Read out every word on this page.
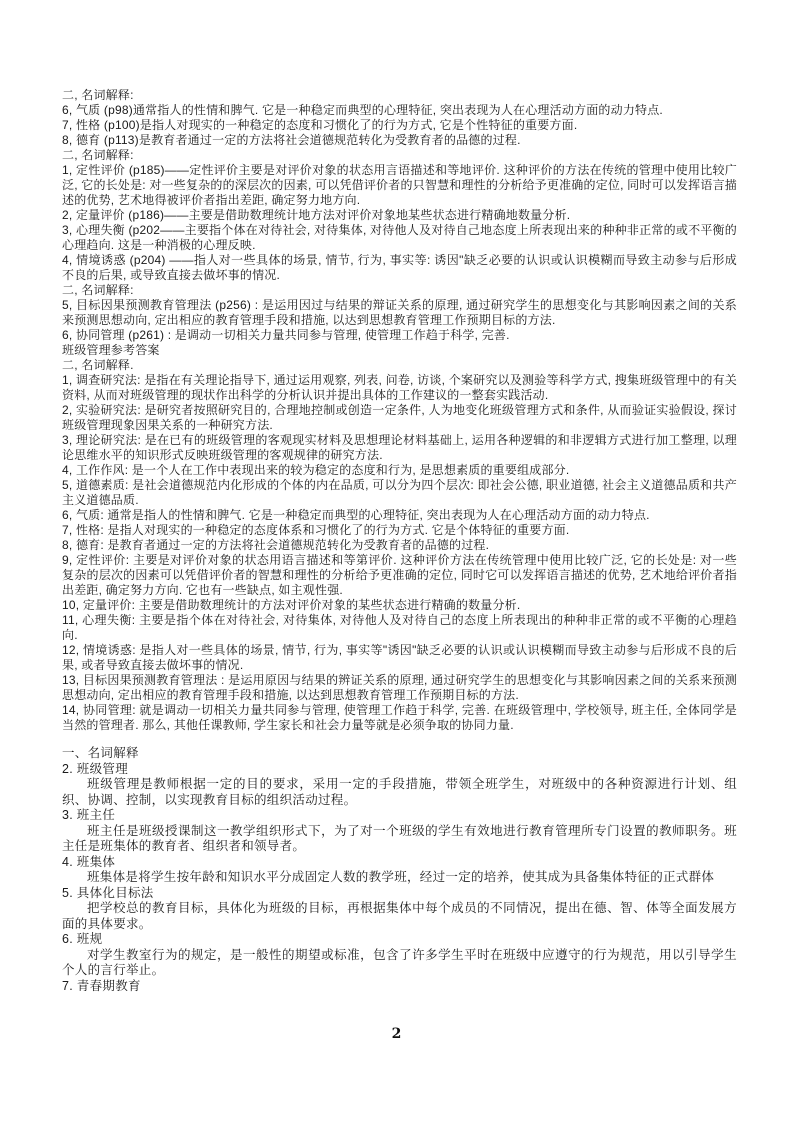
二, 名词解释:

6, 气质 (p98)通常指人的性情和脾气. 它是一种稳定而典型的心理特征, 突出表现为人在心理活动方面的动力特点.

7, 性格 (p100)是指人对现实的一种稳定的态度和习惯化了的行为方式, 它是个性特征的重要方面.

8, 德育 (p113)是教育者通过一定的方法将社会道德规范转化为受教育者的品德的过程.

二, 名词解释:

1, 定性评价 (p185)——定性评价主要是对评价对象的状态用言语描述和等地评价. 这种评价的方法在传统的管理中使用比较广泛, 它的长处是: 对一些复杂的的深层次的因素, 可以凭借评价者的只智慧和理性的分析给予更准确的定位, 同时可以发挥语言描述的优势, 艺术地得被评价者指出差距, 确定努力地方向.

2, 定量评价 (p186)——主要是借助数理统计地方法对评价对象地某些状态进行精确地数量分析.

3, 心理失衡 (p202——主要指个体在对待社会, 对待集体, 对待他人及对待自己地态度上所表现出来的种种非正常的或不平衡的心理趋向. 这是一种消极的心理反映.

4, 情境诱惑 (p204) ——指人对一些具体的场景, 情节, 行为, 事实等: 诱因"缺乏必要的认识或认识模糊而导致主动参与后形成不良的后果, 或导致直接去做坏事的情况.

二, 名词解释:

5, 目标因果预测教育管理法 (p256) : 是运用因过与结果的辩证关系的原理, 通过研究学生的思想变化与其影响因素之间的关系来预测思想动向, 定出相应的教育管理手段和措施, 以达到思想教育管理工作预期目标的方法.

6, 协同管理 (p261) : 是调动一切相关力量共同参与管理, 使管理工作趋于科学, 完善.

班级管理参考答案

二, 名词解释.

1, 调查研究法: 是指在有关理论指导下, 通过运用观察, 列表, 问卷, 访谈, 个案研究以及测验等科学方式, 搜集班级管理中的有关资料, 从而对班级管理的现状作出科学的分析认识并提出具体的工作建议的一整套实践活动.

2, 实验研究法: 是研究者按照研究目的, 合理地控制或创造一定条件, 人为地变化班级管理方式和条件, 从而验证实验假设, 探讨班级管理现象因果关系的一种研究方法.

3, 理论研究法: 是在已有的班级管理的客观现实材料及思想理论材料基础上, 运用各种逻辑的和非逻辑方式进行加工整理, 以理论思维水平的知识形式反映班级管理的客观规律的研究方法.

4, 工作作风: 是一个人在工作中表现出来的较为稳定的态度和行为, 是思想素质的重要组成部分.

5, 道德素质: 是社会道德规范内化形成的个体的内在品质, 可以分为四个层次: 即社会公德, 职业道德, 社会主义道德品质和共产主义道德品质.

6, 气质: 通常是指人的性情和脾气. 它是一种稳定而典型的心理特征, 突出表现为人在心理活动方面的动力特点.

7, 性格: 是指人对现实的一种稳定的态度体系和习惯化了的行为方式. 它是个体特征的重要方面.

8, 德育: 是教育者通过一定的方法将社会道德规范转化为受教育者的品德的过程.

9, 定性评价: 主要是对评价对象的状态用语言描述和等第评价. 这种评价方法在传统管理中使用比较广泛, 它的长处是: 对一些复杂的层次的因素可以凭借评价者的智慧和理性的分析给予更准确的定位, 同时它可以发挥语言描述的优势, 艺术地给评价者指出差距, 确定努力方向. 它也有一些缺点, 如主观性强.

10, 定量评价: 主要是借助数理统计的方法对评价对象的某些状态进行精确的数量分析.

11, 心理失衡: 主要是指个体在对待社会, 对待集体, 对待他人及对待自己的态度上所表现出的种种非正常的或不平衡的心理趋向.

12, 情境诱惑: 是指人对一些具体的场景, 情节, 行为, 事实等"诱因"缺乏必要的认识或认识模糊而导致主动参与后形成不良的后果, 或者导致直接去做坏事的情况.

13, 目标因果预测教育管理法 : 是运用原因与结果的辨证关系的原理, 通过研究学生的思想变化与其影响因素之间的关系来预测思想动向, 定出相应的教育管理手段和措施, 以达到思想教育管理工作预期目标的方法.

14, 协同管理: 就是调动一切相关力量共同参与管理, 使管理工作趋于科学, 完善. 在班级管理中, 学校领导, 班主任, 全体同学是当然的管理者. 那么, 其他任课教师, 学生家长和社会力量等就是必须争取的协同力量.

一、名词解释

2. 班级管理

班级管理是教师根据一定的目的要求，采用一定的手段措施，带领全班学生，对班级中的各种资源进行计划、组织、协调、控制，以实现教育目标的组织活动过程。

3. 班主任

班主任是班级授课制这一教学组织形式下，为了对一个班级的学生有效地进行教育管理所专门设置的教师职务。班主任是班集体的教育者、组织者和领导者。

4. 班集体

班集体是将学生按年龄和知识水平分成固定人数的教学班，经过一定的培养，使其成为具备集体特征的正式群体

5. 具体化目标法

把学校总的教育目标，具体化为班级的目标，再根据集体中每个成员的不同情况，提出在德、智、体等全面发展方面的具体要求。

6. 班规

对学生教室行为的规定，是一般性的期望或标准，包含了许多学生平时在班级中应遵守的行为规范，用以引导学生个人的言行举止。

7. 青春期教育

2
